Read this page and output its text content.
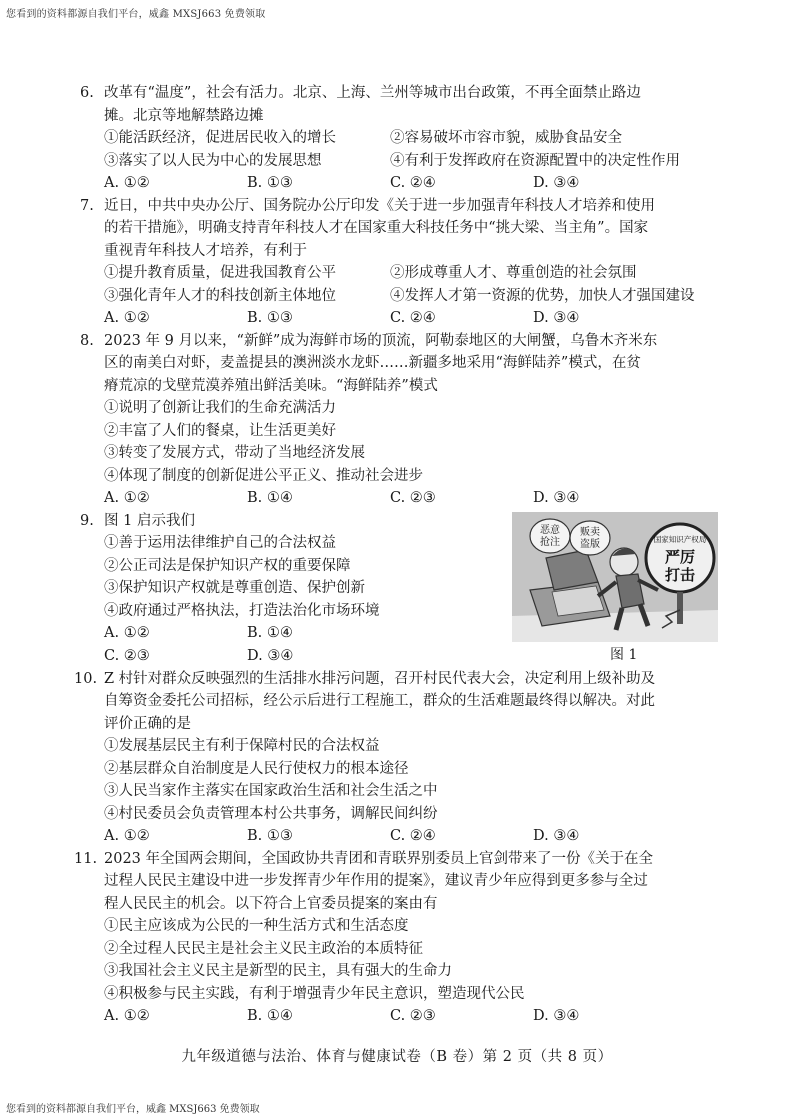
您看到的资料都源自我们平台，威鑫 MXSJ663 免费领取
6. 改革有“温度”，社会有活力。北京、上海、兰州等城市出台政策，不再全面禁止路边
摊。北京等地解禁路边摊
①能活跃经济，促进居民收入的增长	②容易破坏市容市貌，威胁食品安全
③落实了以人民为中心的发展思想	④有利于发挥政府在资源配置中的决定性作用
A. ①②	B. ①③	C. ②④	D. ③④
7. 近日，中共中央办公厅、国务院办公厅印发《关于进一步加强青年科技人才培养和使用
的若干措施》，明确支持青年科技人才在国家重大科技任务中“挑大梁、当主角”。国家
重视青年科技人才培养，有利于
①提升教育质量，促进我国教育公平	②形成尊重人才、尊重创造的社会氛围
③强化青年人才的科技创新主体地位	④发挥人才第一资源的优势，加快人才强国建设
A. ①②	B. ①③	C. ②④	D. ③④
8. 2023 年 9 月以来，“新鲜”成为海鲜市场的顶流，阿勒泰地区的大闸蟹，乌鲁木齐米东
区的南美白对虾，麦盖提县的澳洲淡水龙虾……新疆多地采用“海鲜陆养”模式，在贫
瘠荒凉的戈壁荒漠养殖出鲜活美味。“海鲜陆养”模式
①说明了创新让我们的生命充满活力
②丰富了人们的餐桌，让生活更美好
③转变了发展方式，带动了当地经济发展
④体现了制度的创新促进公平正义、推动社会进步
A. ①②	B. ①④	C. ②③	D. ③④
9. 图 1 启示我们
①善于运用法律维护自己的合法权益
②公正司法是保护知识产权的重要保障
③保护知识产权就是尊重创造、保护创新
④政府通过严格执法，打造法治化市场环境
A. ①②	B. ①④
C. ②③	D. ③④
恶意
抢注
贩卖
盗版	国家知识产权局
严厉
打击
图 1
10. Z 村针对群众反映强烈的生活排水排污问题，召开村民代表大会，决定利用上级补助及
自筹资金委托公司招标，经公示后进行工程施工，群众的生活难题最终得以解决。对此
评价正确的是
①发展基层民主有利于保障村民的合法权益
②基层群众自治制度是人民行使权力的根本途径
③人民当家作主落实在国家政治生活和社会生活之中
④村民委员会负责管理本村公共事务，调解民间纠纷
A. ①②	B. ①③	C. ②④	D. ③④
11. 2023 年全国两会期间，全国政协共青团和青联界别委员上官剑带来了一份《关于在全
过程人民民主建设中进一步发挥青少年作用的提案》，建议青少年应得到更多参与全过
程人民民主的机会。以下符合上官委员提案的案由有
①民主应该成为公民的一种生活方式和生活态度
②全过程人民民主是社会主义民主政治的本质特征
③我国社会主义民主是新型的民主，具有强大的生命力
④积极参与民主实践，有利于增强青少年民主意识，塑造现代公民
A. ①②	B. ①④	C. ②③	D. ③④
九年级道德与法治、体育与健康试卷（B 卷）第 2 页（共 8 页）
您看到的资料都源自我们平台，威鑫 MXSJ663 免费领取
